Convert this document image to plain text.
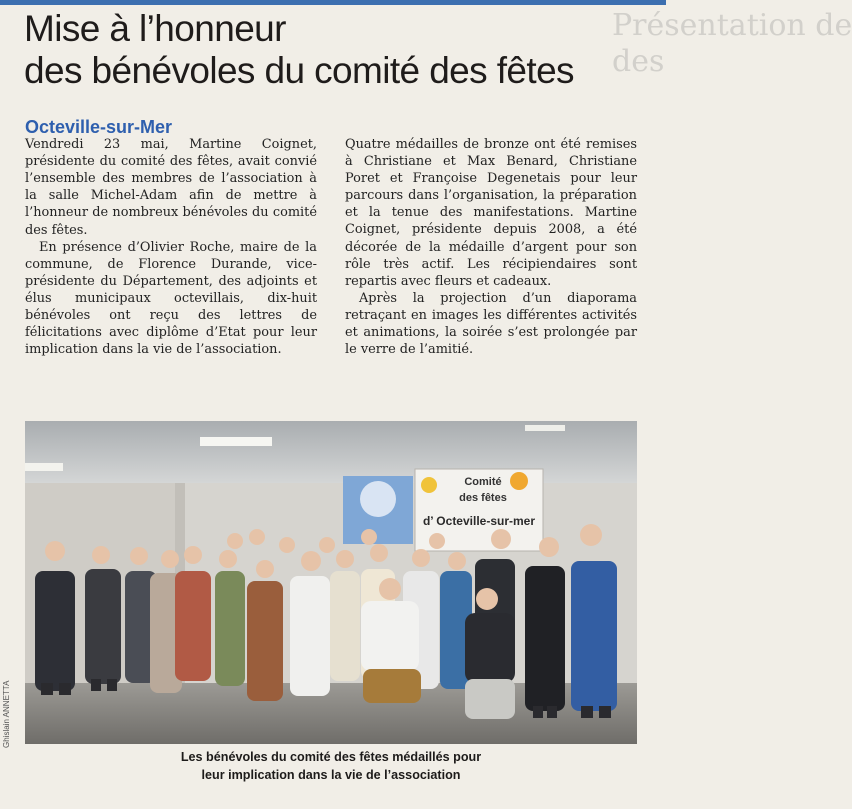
Présentation de
des
Mise à l’honneur
des bénévoles du comité des fêtes
Octeville-sur-Mer

Vendredi 23 mai, Martine Coignet, présidente du comité des fêtes, avait convié l’ensemble des membres de l’association à la salle Michel-Adam afin de mettre à l’honneur de nombreux bénévoles du comité des fêtes.

En présence d’Olivier Roche, maire de la commune, de Florence Durande, vice-présidente du Département, des adjoints et élus municipaux octevillais, dix-huit bénévoles ont reçu des lettres de félicitations avec diplôme d’Etat pour leur implication dans la vie de l’association.

Quatre médailles de bronze ont été remises à Christiane et Max Benard, Christiane Poret et Françoise Degenetais pour leur parcours dans l’organisation, la préparation et la tenue des manifestations. Martine Coignet, présidente depuis 2008, a été décorée de la médaille d’argent pour son rôle très actif. Les récipiendaires sont repartis avec fleurs et cadeaux.

Après la projection d’un diaporama retraçant en images les différentes activités et animations, la soirée s’est prolongée par le verre de l’amitié.

Comité
des fêtes
d’ Octeville-sur-mer
Les bénévoles du comité des fêtes médaillés pour
leur implication dans la vie de l’association
Ghislain ANNETTA
